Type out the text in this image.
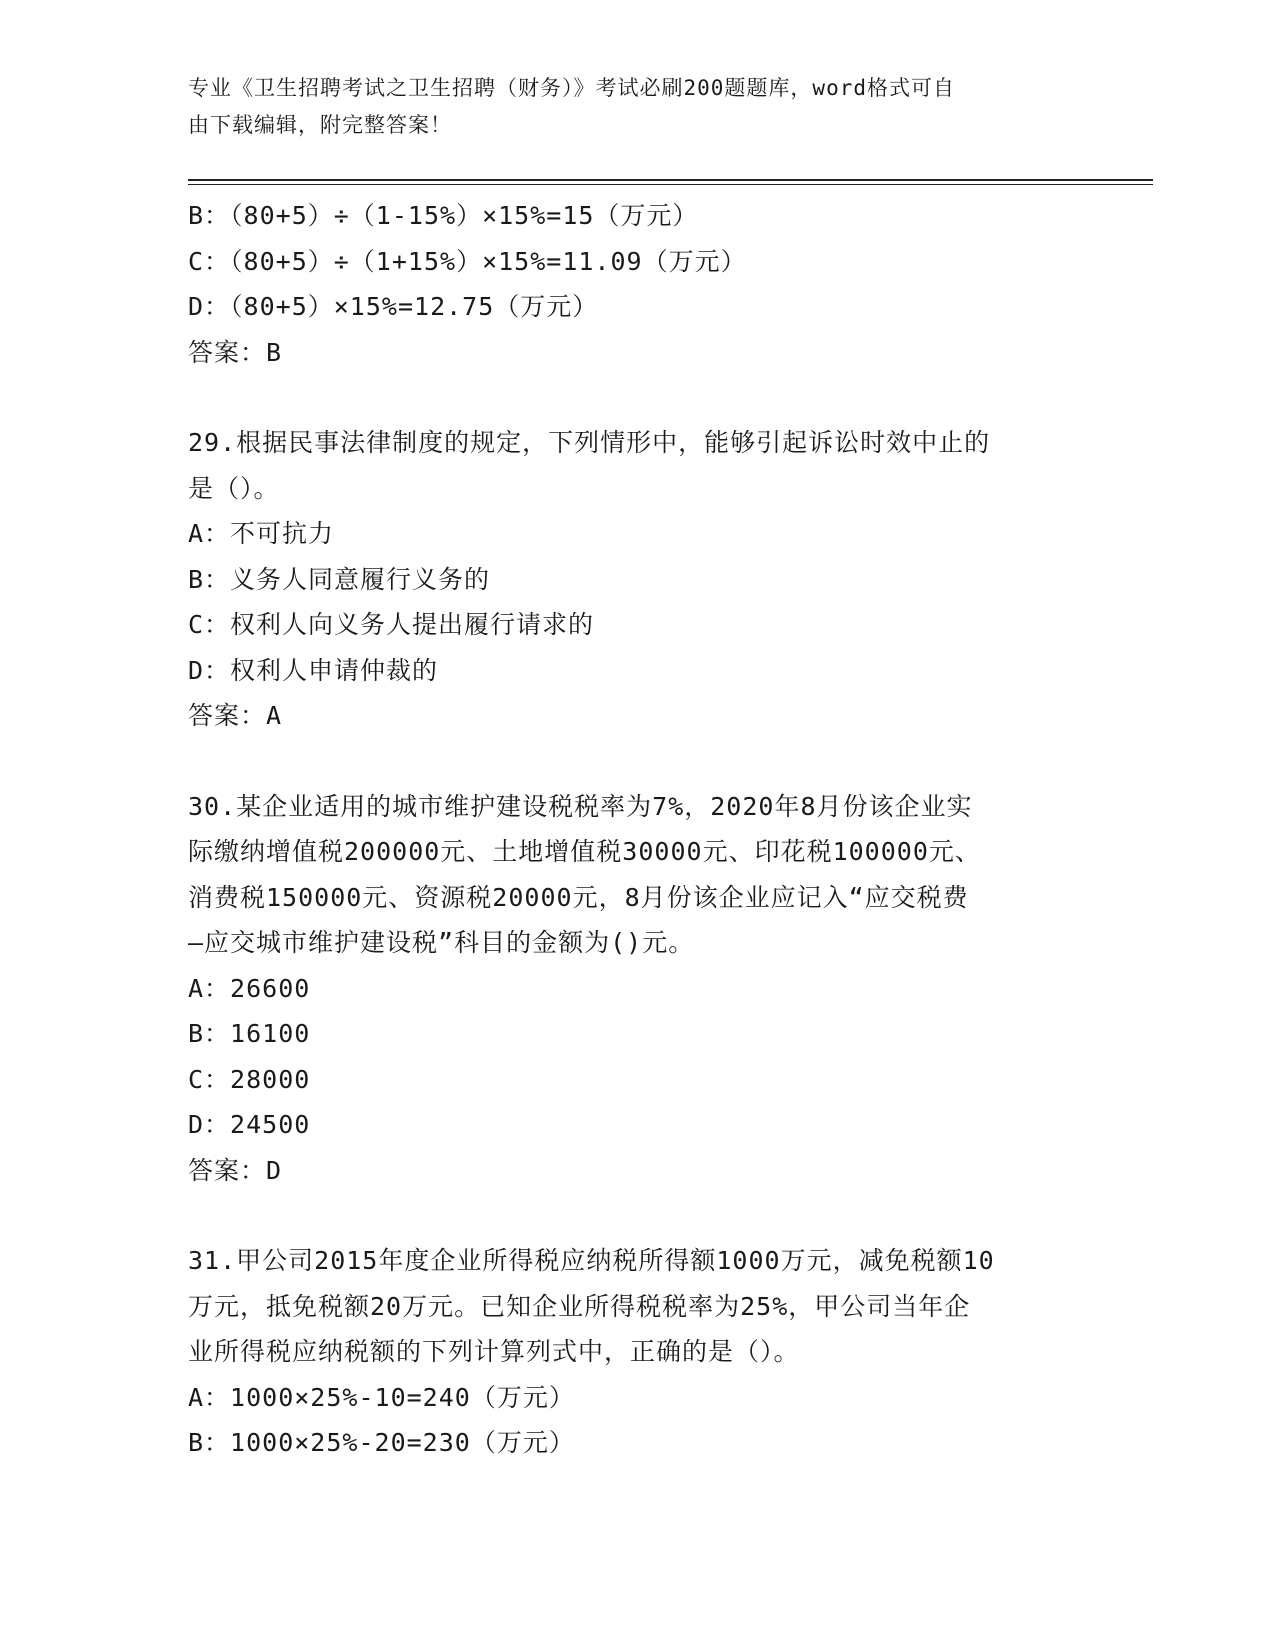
专业《卫生招聘考试之卫生招聘（财务）》考试必刷200题题库，word格式可自

由下载编辑，附完整答案！

B：（80+5）÷（1-15%）×15%=15（万元）

C：（80+5）÷（1+15%）×15%=11.09（万元）

D：（80+5）×15%=12.75（万元）

答案：B

29.根据民事法律制度的规定，下列情形中，能够引起诉讼时效中止的

是（）。

A：不可抗力

B：义务人同意履行义务的

C：权利人向义务人提出履行请求的

D：权利人申请仲裁的

答案：A

30.某企业适用的城市维护建设税税率为7%，2020年8月份该企业实

际缴纳增值税200000元、土地增值税30000元、印花税100000元、

消费税150000元、资源税20000元，8月份该企业应记入“应交税费

—应交城市维护建设税”科目的金额为()元。

A：26600

B：16100

C：28000

D：24500

答案：D

31.甲公司2015年度企业所得税应纳税所得额1000万元，减免税额10

万元，抵免税额20万元。已知企业所得税税率为25%，甲公司当年企

业所得税应纳税额的下列计算列式中，正确的是（）。

A：1000×25%-10=240（万元）

B：1000×25%-20=230（万元）
